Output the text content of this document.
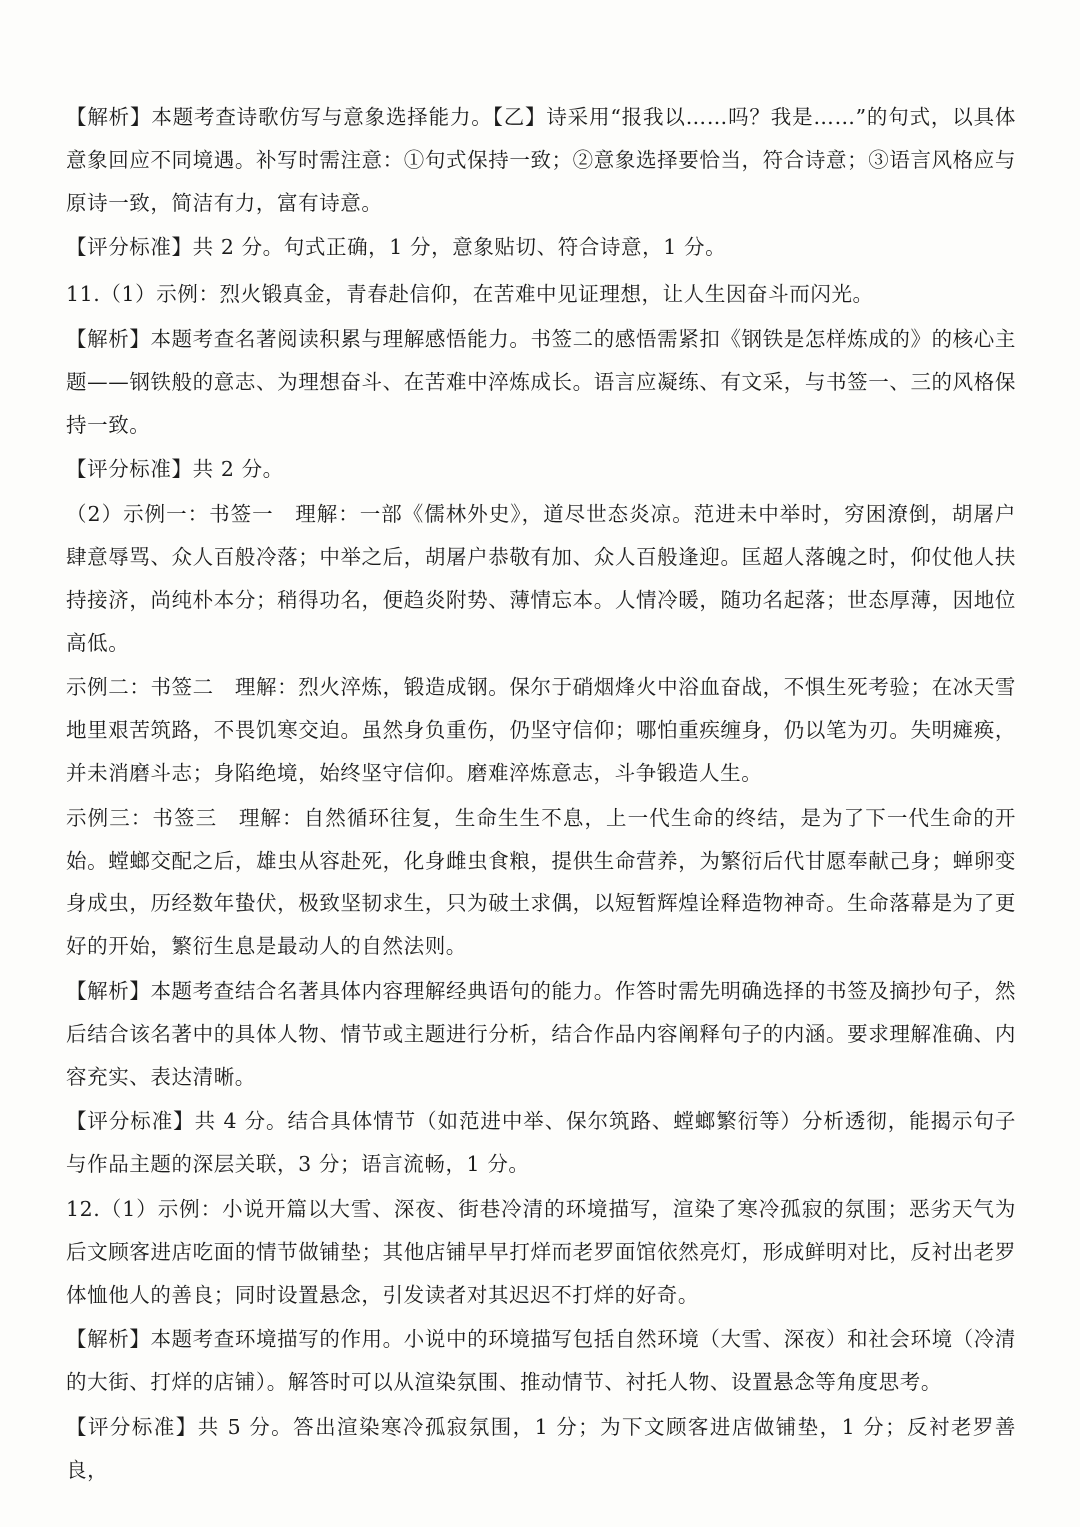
【解析】本题考查诗歌仿写与意象选择能力。【乙】诗采用“报我以……吗？我是……”的句式，以具体意象回应不同境遇。补写时需注意：①句式保持一致；②意象选择要恰当，符合诗意；③语言风格应与原诗一致，简洁有力，富有诗意。

【评分标准】共 2 分。句式正确，1 分，意象贴切、符合诗意，1 分。

11.（1）示例：烈火锻真金，青春赴信仰，在苦难中见证理想，让人生因奋斗而闪光。

【解析】本题考查名著阅读积累与理解感悟能力。书签二的感悟需紧扣《钢铁是怎样炼成的》的核心主题——钢铁般的意志、为理想奋斗、在苦难中淬炼成长。语言应凝练、有文采，与书签一、三的风格保持一致。

【评分标准】共 2 分。

（2）示例一：书签一　理解：一部《儒林外史》，道尽世态炎凉。范进未中举时，穷困潦倒，胡屠户肆意辱骂、众人百般冷落；中举之后，胡屠户恭敬有加、众人百般逢迎。匡超人落魄之时，仰仗他人扶持接济，尚纯朴本分；稍得功名，便趋炎附势、薄情忘本。人情冷暖，随功名起落；世态厚薄，因地位高低。

示例二：书签二　理解：烈火淬炼，锻造成钢。保尔于硝烟烽火中浴血奋战，不惧生死考验；在冰天雪地里艰苦筑路，不畏饥寒交迫。虽然身负重伤，仍坚守信仰；哪怕重疾缠身，仍以笔为刃。失明瘫痪，并未消磨斗志；身陷绝境，始终坚守信仰。磨难淬炼意志，斗争锻造人生。

示例三：书签三　理解：自然循环往复，生命生生不息，上一代生命的终结，是为了下一代生命的开始。螳螂交配之后，雄虫从容赴死，化身雌虫食粮，提供生命营养，为繁衍后代甘愿奉献己身；蝉卵变身成虫，历经数年蛰伏，极致坚韧求生，只为破土求偶，以短暂辉煌诠释造物神奇。生命落幕是为了更好的开始，繁衍生息是最动人的自然法则。

【解析】本题考查结合名著具体内容理解经典语句的能力。作答时需先明确选择的书签及摘抄句子，然后结合该名著中的具体人物、情节或主题进行分析，结合作品内容阐释句子的内涵。要求理解准确、内容充实、表达清晰。

【评分标准】共 4 分。结合具体情节（如范进中举、保尔筑路、螳螂繁衍等）分析透彻，能揭示句子与作品主题的深层关联，3 分；语言流畅，1 分。

12.（1）示例：小说开篇以大雪、深夜、街巷冷清的环境描写，渲染了寒冷孤寂的氛围；恶劣天气为后文顾客进店吃面的情节做铺垫；其他店铺早早打烊而老罗面馆依然亮灯，形成鲜明对比，反衬出老罗体恤他人的善良；同时设置悬念，引发读者对其迟迟不打烊的好奇。

【解析】本题考查环境描写的作用。小说中的环境描写包括自然环境（大雪、深夜）和社会环境（冷清的大街、打烊的店铺）。解答时可以从渲染氛围、推动情节、衬托人物、设置悬念等角度思考。

【评分标准】共 5 分。答出渲染寒冷孤寂氛围，1 分；为下文顾客进店做铺垫，1 分；反衬老罗善良，
